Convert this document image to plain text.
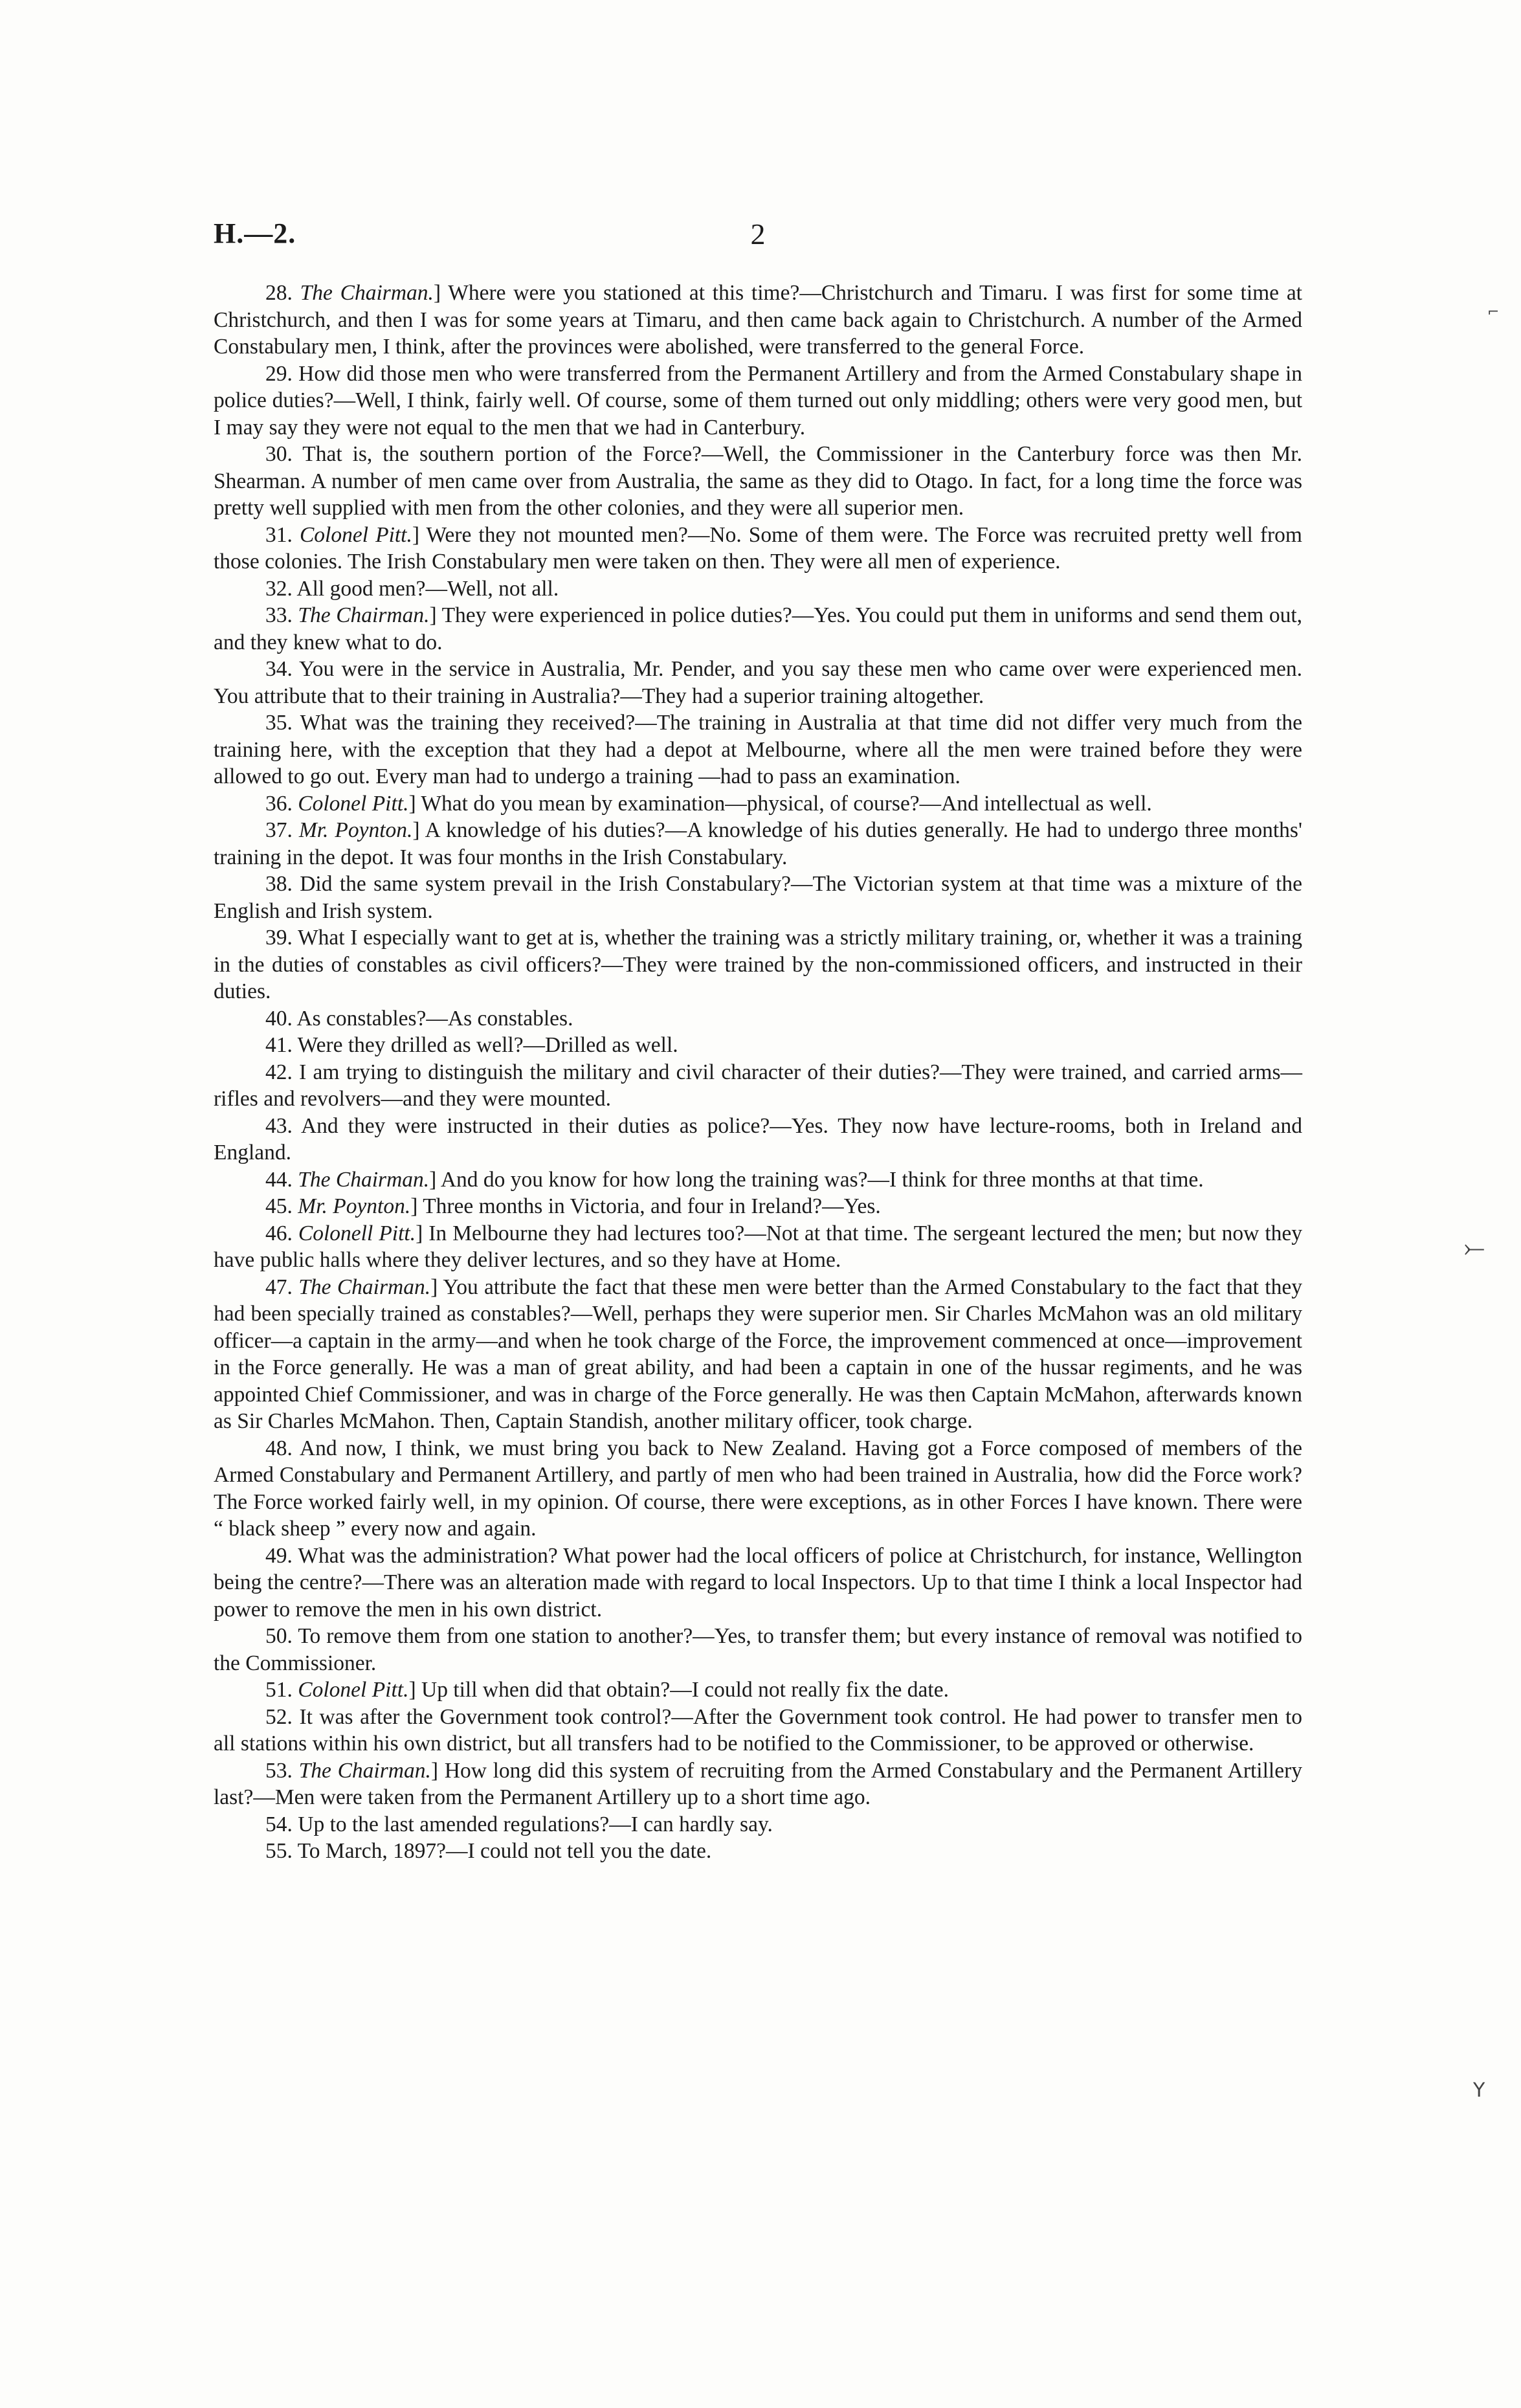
H.—2.	2

28. The Chairman.] Where were you stationed at this time?—Christchurch and Timaru. I was first for some time at Christchurch, and then I was for some years at Timaru, and then came back again to Christchurch. A number of the Armed Constabulary men, I think, after the provinces were abolished, were transferred to the general Force.

29. How did those men who were transferred from the Permanent Artillery and from the Armed Constabulary shape in police duties?—Well, I think, fairly well. Of course, some of them turned out only middling; others were very good men, but I may say they were not equal to the men that we had in Canterbury.

30. That is, the southern portion of the Force?—Well, the Commissioner in the Canterbury force was then Mr. Shearman. A number of men came over from Australia, the same as they did to Otago. In fact, for a long time the force was pretty well supplied with men from the other colonies, and they were all superior men.

31. Colonel Pitt.] Were they not mounted men?—No. Some of them were. The Force was recruited pretty well from those colonies. The Irish Constabulary men were taken on then. They were all men of experience.

32. All good men?—Well, not all.

33. The Chairman.] They were experienced in police duties?—Yes. You could put them in uniforms and send them out, and they knew what to do.

34. You were in the service in Australia, Mr. Pender, and you say these men who came over were experienced men. You attribute that to their training in Australia?—They had a superior training altogether.

35. What was the training they received?—The training in Australia at that time did not differ very much from the training here, with the exception that they had a depot at Melbourne, where all the men were trained before they were allowed to go out. Every man had to undergo a training —had to pass an examination.

36. Colonel Pitt.] What do you mean by examination—physical, of course?—And intellectual as well.

37. Mr. Poynton.] A knowledge of his duties?—A knowledge of his duties generally. He had to undergo three months' training in the depot. It was four months in the Irish Constabulary.

38. Did the same system prevail in the Irish Constabulary?—The Victorian system at that time was a mixture of the English and Irish system.

39. What I especially want to get at is, whether the training was a strictly military training, or, whether it was a training in the duties of constables as civil officers?—They were trained by the non-commissioned officers, and instructed in their duties.

40. As constables?—As constables.

41. Were they drilled as well?—Drilled as well.

42. I am trying to distinguish the military and civil character of their duties?—They were trained, and carried arms—rifles and revolvers—and they were mounted.

43. And they were instructed in their duties as police?—Yes. They now have lecture-rooms, both in Ireland and England.

44. The Chairman.] And do you know for how long the training was?—I think for three months at that time.

45. Mr. Poynton.] Three months in Victoria, and four in Ireland?—Yes.

46. Colonell Pitt.] In Melbourne they had lectures too?—Not at that time. The sergeant lectured the men; but now they have public halls where they deliver lectures, and so they have at Home.

47. The Chairman.] You attribute the fact that these men were better than the Armed Constabulary to the fact that they had been specially trained as constables?—Well, perhaps they were superior men. Sir Charles McMahon was an old military officer—a captain in the army—and when he took charge of the Force, the improvement commenced at once—improvement in the Force generally. He was a man of great ability, and had been a captain in one of the hussar regiments, and he was appointed Chief Commissioner, and was in charge of the Force generally. He was then Captain McMahon, afterwards known as Sir Charles McMahon. Then, Captain Standish, another military officer, took charge.

48. And now, I think, we must bring you back to New Zealand. Having got a Force composed of members of the Armed Constabulary and Permanent Artillery, and partly of men who had been trained in Australia, how did the Force work? The Force worked fairly well, in my opinion. Of course, there were exceptions, as in other Forces I have known. There were “ black sheep ” every now and again.

49. What was the administration? What power had the local officers of police at Christchurch, for instance, Wellington being the centre?—There was an alteration made with regard to local Inspectors. Up to that time I think a local Inspector had power to remove the men in his own district.

50. To remove them from one station to another?—Yes, to transfer them; but every instance of removal was notified to the Commissioner.

51. Colonel Pitt.] Up till when did that obtain?—I could not really fix the date.

52. It was after the Government took control?—After the Government took control. He had power to transfer men to all stations within his own district, but all transfers had to be notified to the Commissioner, to be approved or otherwise.

53. The Chairman.] How long did this system of recruiting from the Armed Constabulary and the Permanent Artillery last?—Men were taken from the Permanent Artillery up to a short time ago.

54. Up to the last amended regulations?—I can hardly say.

55. To March, 1897?—I could not tell you the date.

⌐
⤚
Y
